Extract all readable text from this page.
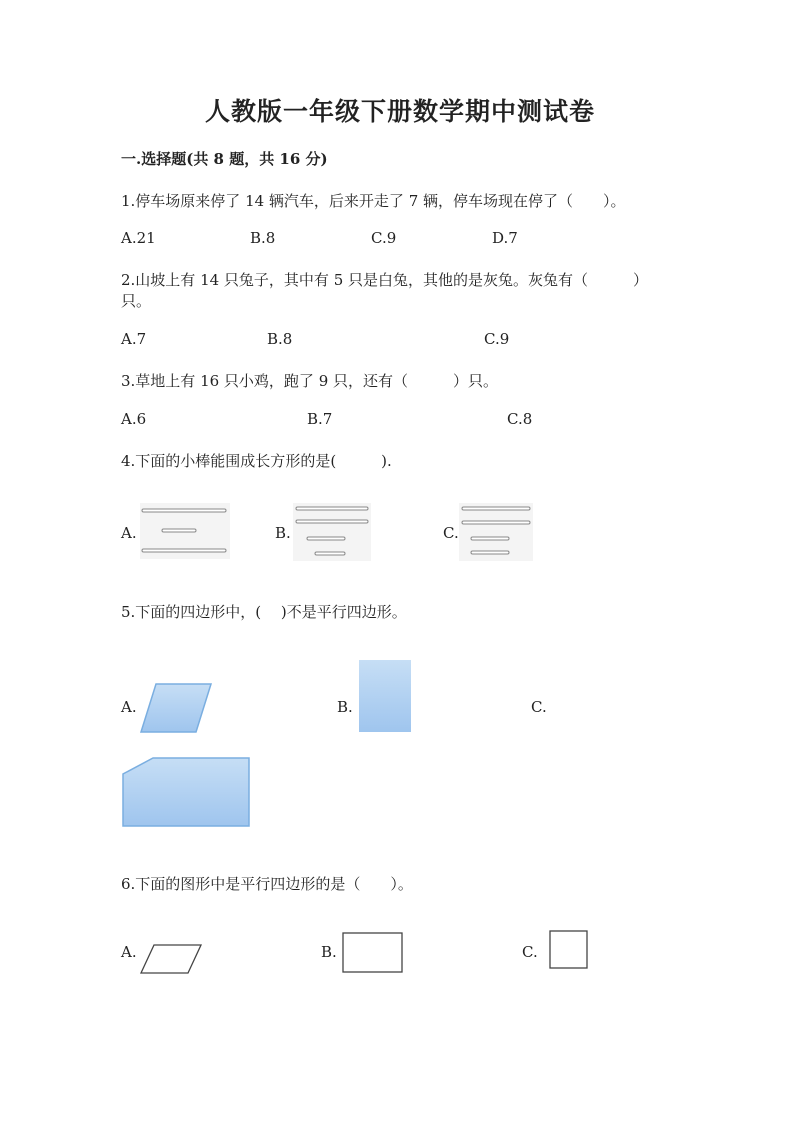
人教版一年级下册数学期中测试卷
一.选择题(共 8 题，共 16 分)
1.停车场原来停了 14 辆汽车，后来开走了 7 辆，停车场现在停了（　　）。
A.21	B.8	C.9	D.7
2.山坡上有 14 只兔子，其中有 5 只是白兔，其他的是灰兔。灰兔有（　　　）
只。
A.7	B.8	C.9
3.草地上有 16 只小鸡，跑了 9 只，还有（　　　）只。
A.6	B.7	C.8
4.下面的小棒能围成长方形的是(　　　).
A.	B.	C.
5.下面的四边形中，(　 )不是平行四边形。
A.	B.	C.
6.下面的图形中是平行四边形的是（　　）。
A.	B.	C.
